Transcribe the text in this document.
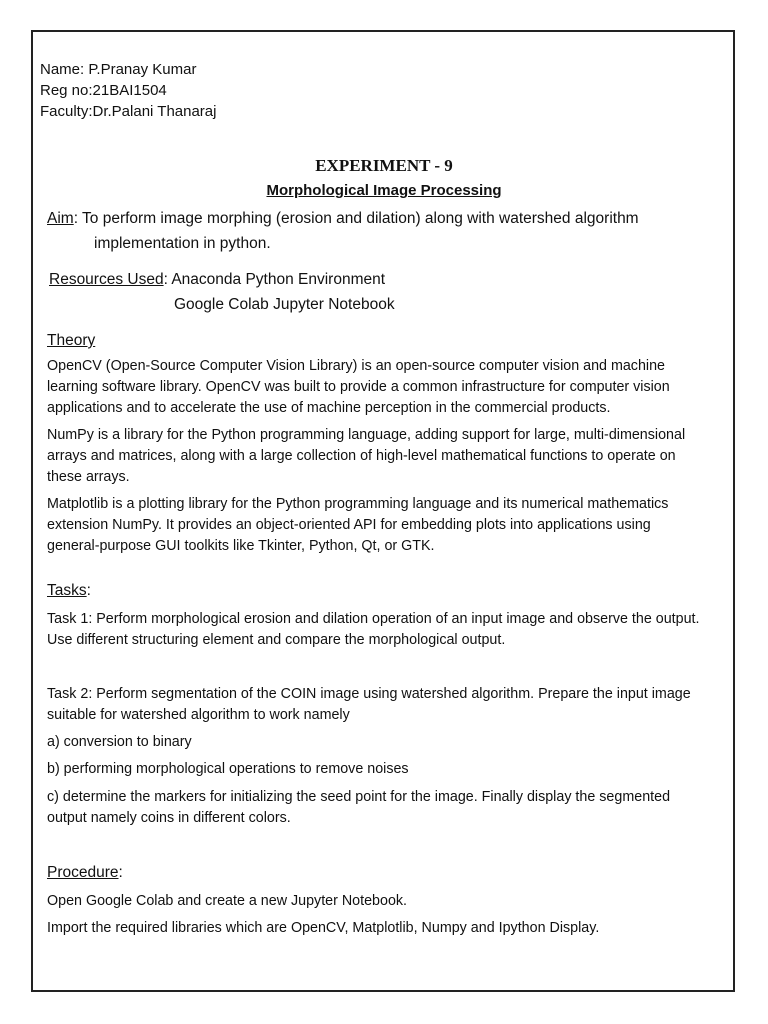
Name: P.Pranay Kumar

Reg no:21BAI1504

Faculty:Dr.Palani Thanaraj

EXPERIMENT - 9

Morphological Image Processing

Aim: To perform image morphing (erosion and dilation) along with watershed algorithm

implementation in python.

Resources Used: Anaconda Python Environment

Google Colab Jupyter Notebook

Theory

OpenCV (Open-Source Computer Vision Library) is an open-source computer vision and machine learning software library. OpenCV was built to provide a common infrastructure for computer vision applications and to accelerate the use of machine perception in the commercial products.

NumPy is a library for the Python programming language, adding support for large, multi-dimensional arrays and matrices, along with a large collection of high-level mathematical functions to operate on these arrays.

Matplotlib is a plotting library for the Python programming language and its numerical mathematics extension NumPy. It provides an object-oriented API for embedding plots into applications using general-purpose GUI toolkits like Tkinter, Python, Qt, or GTK.

Tasks:

Task 1: Perform morphological erosion and dilation operation of an input image and observe the output. Use different structuring element and compare the morphological output.

Task 2: Perform segmentation of the COIN image using watershed algorithm. Prepare the input image suitable for watershed algorithm to work namely

a) conversion to binary

b) performing morphological operations to remove noises

c) determine the markers for initializing the seed point for the image. Finally display the segmented output namely coins in different colors.

Procedure:

Open Google Colab and create a new Jupyter Notebook.

Import the required libraries which are OpenCV, Matplotlib, Numpy and Ipython Display.
